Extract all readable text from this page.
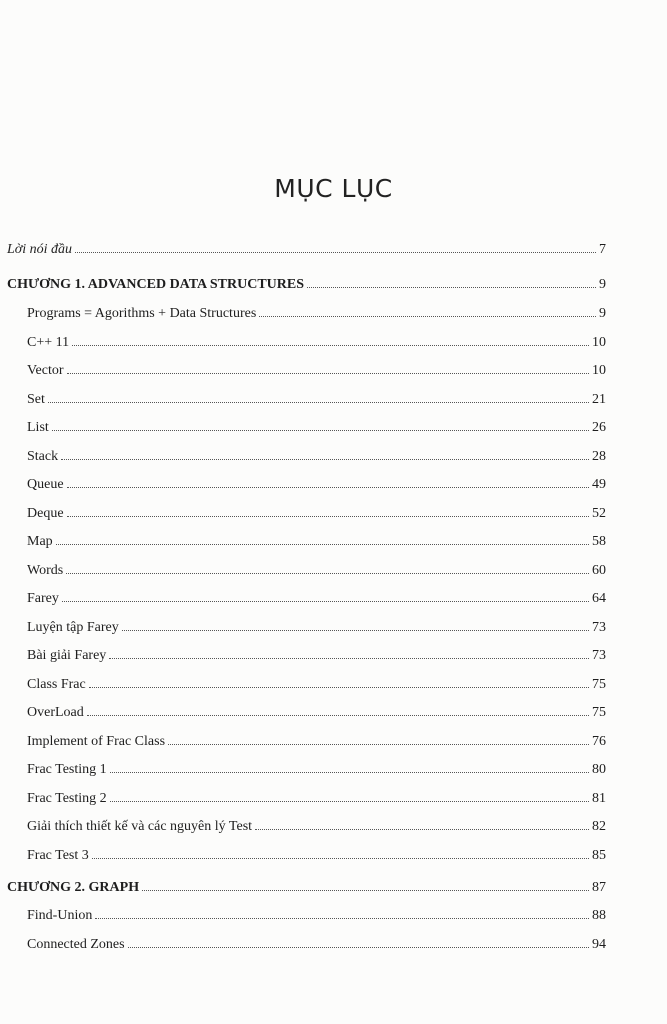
MỤC LỤC
Lời nói đầu	7
CHƯƠNG 1. ADVANCED DATA STRUCTURES	9
Programs = Agorithms + Data Structures	9
C++ 11	10
Vector	10
Set	21
List	26
Stack	28
Queue	49
Deque	52
Map	58
Words	60
Farey	64
Luyện tập Farey	73
Bài giải Farey	73
Class Frac	75
OverLoad	75
Implement of Frac Class	76
Frac Testing 1	80
Frac Testing 2	81
Giải thích thiết kế và các nguyên lý Test	82
Frac Test 3	85
CHƯƠNG 2. GRAPH	87
Find-Union	88
Connected Zones	94
